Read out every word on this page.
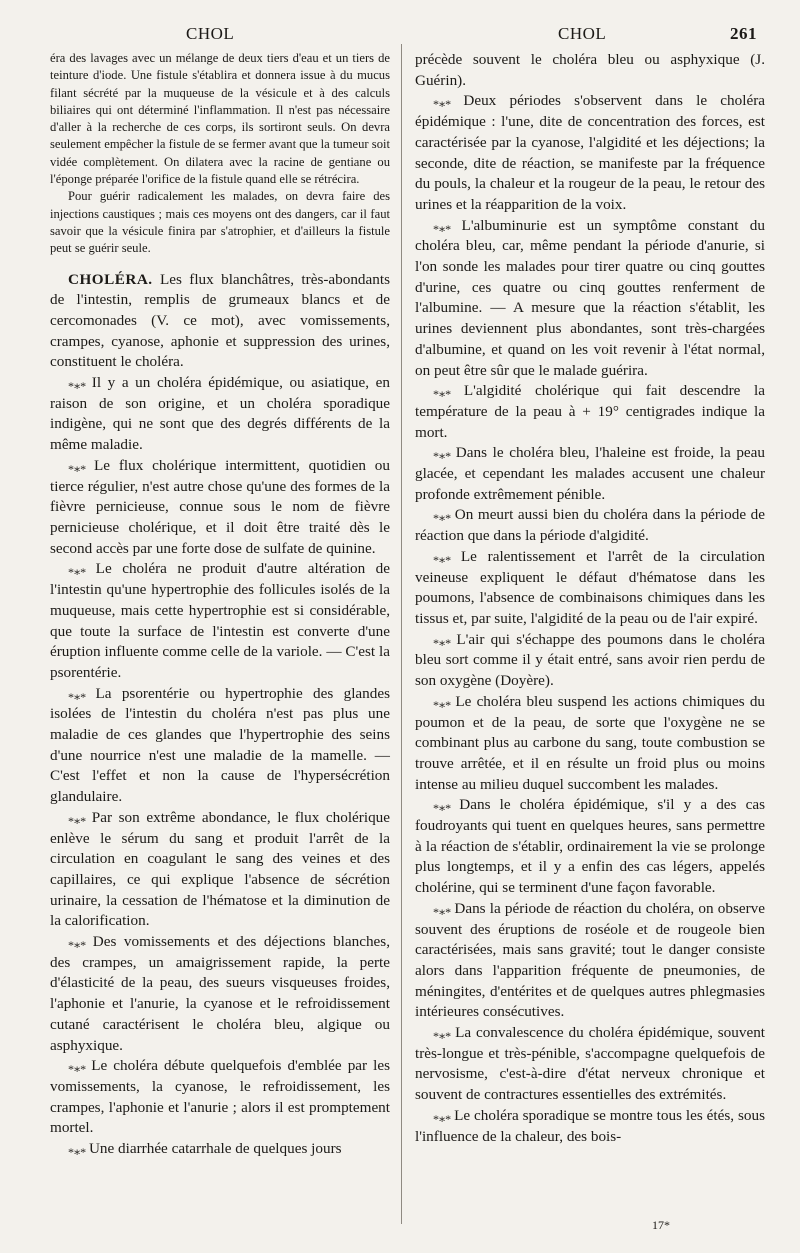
CHOL	CHOL	261

éra des lavages avec un mélange de deux tiers d'eau et un tiers de teinture d'iode. Une fistule s'établira et donnera issue à du mucus filant sécrété par la muqueuse de la vésicule et à des calculs biliaires qui ont déterminé l'inflammation. Il n'est pas nécessaire d'aller à la recherche de ces corps, ils sortiront seuls. On devra seulement empêcher la fistule de se fermer avant que la tumeur soit vidée complètement. On dilatera avec la racine de gentiane ou l'éponge préparée l'orifice de la fistule quand elle se rétrécira.

Pour guérir radicalement les malades, on devra faire des injections caustiques ; mais ces moyens ont des dangers, car il faut savoir que la vésicule finira par s'atrophier, et d'ailleurs la fistule peut se guérir seule.

CHOLÉRA. Les flux blanchâtres, très-abondants de l'intestin, remplis de grumeaux blancs et de cercomonades (V. ce mot), avec vomissements, crampes, cyanose, aphonie et suppression des urines, constituent le choléra.

*∗* Il y a un choléra épidémique, ou asiatique, en raison de son origine, et un choléra sporadique indigène, qui ne sont que des degrés différents de la même maladie.

*∗* Le flux cholérique intermittent, quotidien ou tierce régulier, n'est autre chose qu'une des formes de la fièvre pernicieuse, connue sous le nom de fièvre pernicieuse cholérique, et il doit être traité dès le second accès par une forte dose de sulfate de quinine.

*∗* Le choléra ne produit d'autre altération de l'intestin qu'une hypertrophie des follicules isolés de la muqueuse, mais cette hypertrophie est si considérable, que toute la surface de l'intestin est converte d'une éruption influente comme celle de la variole. — C'est la psorentérie.

*∗* La psorentérie ou hypertrophie des glandes isolées de l'intestin du choléra n'est pas plus une maladie de ces glandes que l'hypertrophie des seins d'une nourrice n'est une maladie de la mamelle. — C'est l'effet et non la cause de l'hypersécrétion glandulaire.

*∗* Par son extrême abondance, le flux cholérique enlève le sérum du sang et produit l'arrêt de la circulation en coagulant le sang des veines et des capillaires, ce qui explique l'absence de sécrétion urinaire, la cessation de l'hématose et la diminution de la calorification.

*∗* Des vomissements et des déjections blanches, des crampes, un amaigrissement rapide, la perte d'élasticité de la peau, des sueurs visqueuses froides, l'aphonie et l'anurie, la cyanose et le refroidissement cutané caractérisent le choléra bleu, algique ou asphyxique.

*∗* Le choléra débute quelquefois d'emblée par les vomissements, la cyanose, le refroidissement, les crampes, l'aphonie et l'anurie ; alors il est promptement mortel.

*∗* Une diarrhée catarrhale de quelques jours

précède souvent le choléra bleu ou asphyxique (J. Guérin).

*∗* Deux périodes s'observent dans le choléra épidémique : l'une, dite de concentration des forces, est caractérisée par la cyanose, l'algidité et les déjections; la seconde, dite de réaction, se manifeste par la fréquence du pouls, la chaleur et la rougeur de la peau, le retour des urines et la réapparition de la voix.

*∗* L'albuminurie est un symptôme constant du choléra bleu, car, même pendant la période d'anurie, si l'on sonde les malades pour tirer quatre ou cinq gouttes d'urine, ces quatre ou cinq gouttes renferment de l'albumine. — A mesure que la réaction s'établit, les urines deviennent plus abondantes, sont très-chargées d'albumine, et quand on les voit revenir à l'état normal, on peut être sûr que le malade guérira.

*∗* L'algidité cholérique qui fait descendre la température de la peau à + 19° centigrades indique la mort.

*∗* Dans le choléra bleu, l'haleine est froide, la peau glacée, et cependant les malades accusent une chaleur profonde extrêmement pénible.

*∗* On meurt aussi bien du choléra dans la période de réaction que dans la période d'algidité.

*∗* Le ralentissement et l'arrêt de la circulation veineuse expliquent le défaut d'hématose dans les poumons, l'absence de combinaisons chimiques dans les tissus et, par suite, l'algidité de la peau ou de l'air expiré.

*∗* L'air qui s'échappe des poumons dans le choléra bleu sort comme il y était entré, sans avoir rien perdu de son oxygène (Doyère).

*∗* Le choléra bleu suspend les actions chimiques du poumon et de la peau, de sorte que l'oxygène ne se combinant plus au carbone du sang, toute combustion se trouve arrêtée, et il en résulte un froid plus ou moins intense au milieu duquel succombent les malades.

*∗* Dans le choléra épidémique, s'il y a des cas foudroyants qui tuent en quelques heures, sans permettre à la réaction de s'établir, ordinairement la vie se prolonge plus longtemps, et il y a enfin des cas légers, appelés cholérine, qui se terminent d'une façon favorable.

*∗* Dans la période de réaction du choléra, on observe souvent des éruptions de roséole et de rougeole bien caractérisées, mais sans gravité; tout le danger consiste alors dans l'apparition fréquente de pneumonies, de méningites, d'entérites et de quelques autres phlegmasies intérieures consécutives.

*∗* La convalescence du choléra épidémique, souvent très-longue et très-pénible, s'accompagne quelquefois de nervosisme, c'est-à-dire d'état nerveux chronique et souvent de contractures essentielles des extrémités.

*∗* Le choléra sporadique se montre tous les étés, sous l'influence de la chaleur, des bois-

17*
